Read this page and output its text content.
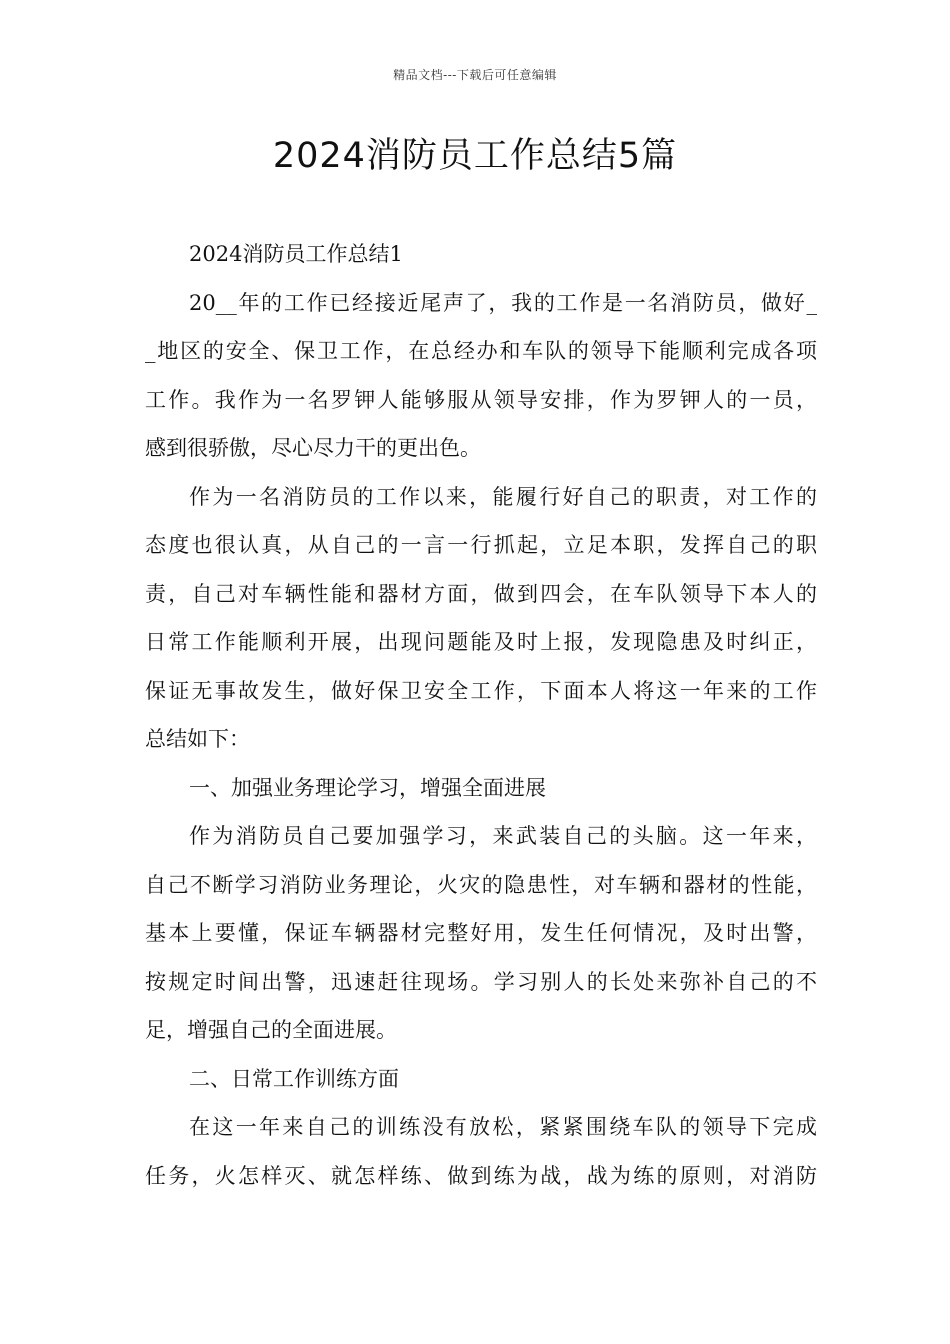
精品文档---下载后可任意编辑
2024消防员工作总结5篇
2024消防员工作总结1
20__年的工作已经接近尾声了，我的工作是一名消防员，做好_
_地区的安全、保卫工作，在总经办和车队的领导下能顺利完成各项
工作。我作为一名罗钾人能够服从领导安排，作为罗钾人的一员，
感到很骄傲，尽心尽力干的更出色。
作为一名消防员的工作以来，能履行好自己的职责，对工作的
态度也很认真，从自己的一言一行抓起，立足本职，发挥自己的职
责，自己对车辆性能和器材方面，做到四会，在车队领导下本人的
日常工作能顺利开展，出现问题能及时上报，发现隐患及时纠正，
保证无事故发生，做好保卫安全工作，下面本人将这一年来的工作
总结如下：
一、加强业务理论学习，增强全面进展
作为消防员自己要加强学习，来武装自己的头脑。这一年来，
自己不断学习消防业务理论，火灾的隐患性，对车辆和器材的性能，
基本上要懂，保证车辆器材完整好用，发生任何情况，及时出警，
按规定时间出警，迅速赶往现场。学习别人的长处来弥补自己的不
足，增强自己的全面进展。
二、日常工作训练方面
在这一年来自己的训练没有放松，紧紧围绕车队的领导下完成
任务，火怎样灭、就怎样练、做到练为战，战为练的原则，对消防
